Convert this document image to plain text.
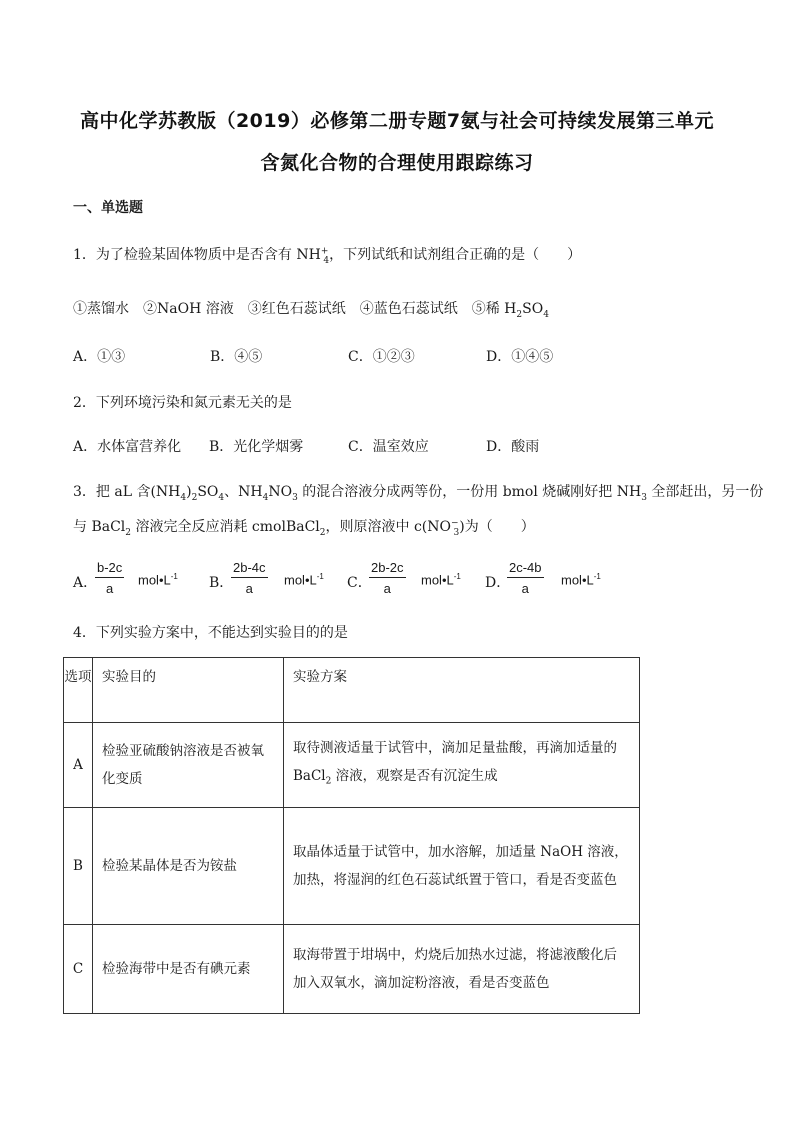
高中化学苏教版（2019）必修第二册专题7氨与社会可持续发展第三单元
含氮化合物的合理使用跟踪练习
一、单选题
1．为了检验某固体物质中是否含有 $NH^+_4$，下列试纸和试剂组合正确的是（　　）
①蒸馏水　②NaOH 溶液　③红色石蕊试纸　④蓝色石蕊试纸　⑤稀 $H_2SO_4$
A．①③	B．④⑤	C．①②③	D．①④⑤
2．下列环境污染和氮元素无关的是
A．水体富营养化 B．光化学烟雾	C．温室效应	D．酸雨
3．把 aL 含$(NH_4)_2SO_4$、$NH_4NO_3$ 的混合溶液分成两等份，一份用 bmol 烧碱刚好把 $NH_3$ 全部赶出，另一份
与 BaCl$_2$ 溶液完全反应消耗 cmolBaCl$_2$，则原溶液中 $c(NO^-_3)$为（　　）
A．
$\frac{b-2c}{a}$ $mol•L^{-1}$ B．
$\frac{2b-4c}{a}$ $mol•L^{-1}$ C．
$\frac{2b-2c}{a}$ $mol•L^{-1}$ D．
$\frac{2c-4b}{a}$ $mol•L^{-1}$
4．下列实验方案中，不能达到实验目的的是
选项	实验目的	实验方案
A	检验亚硫酸钠溶液是否被氧化变质	取待测液适量于试管中，滴加足量盐酸，再滴加适量的 BaCl$_2$ 溶液，观察是否有沉淀生成
B	检验某晶体是否为铵盐	取晶体适量于试管中，加水溶解，加适量 NaOH 溶液，加热，将湿润的红色石蕊试纸置于管口，看是否变蓝色
C	检验海带中是否有碘元素	取海带置于坩埚中，灼烧后加热水过滤，将滤液酸化后加入双氧水，滴加淀粉溶液，看是否变蓝色
